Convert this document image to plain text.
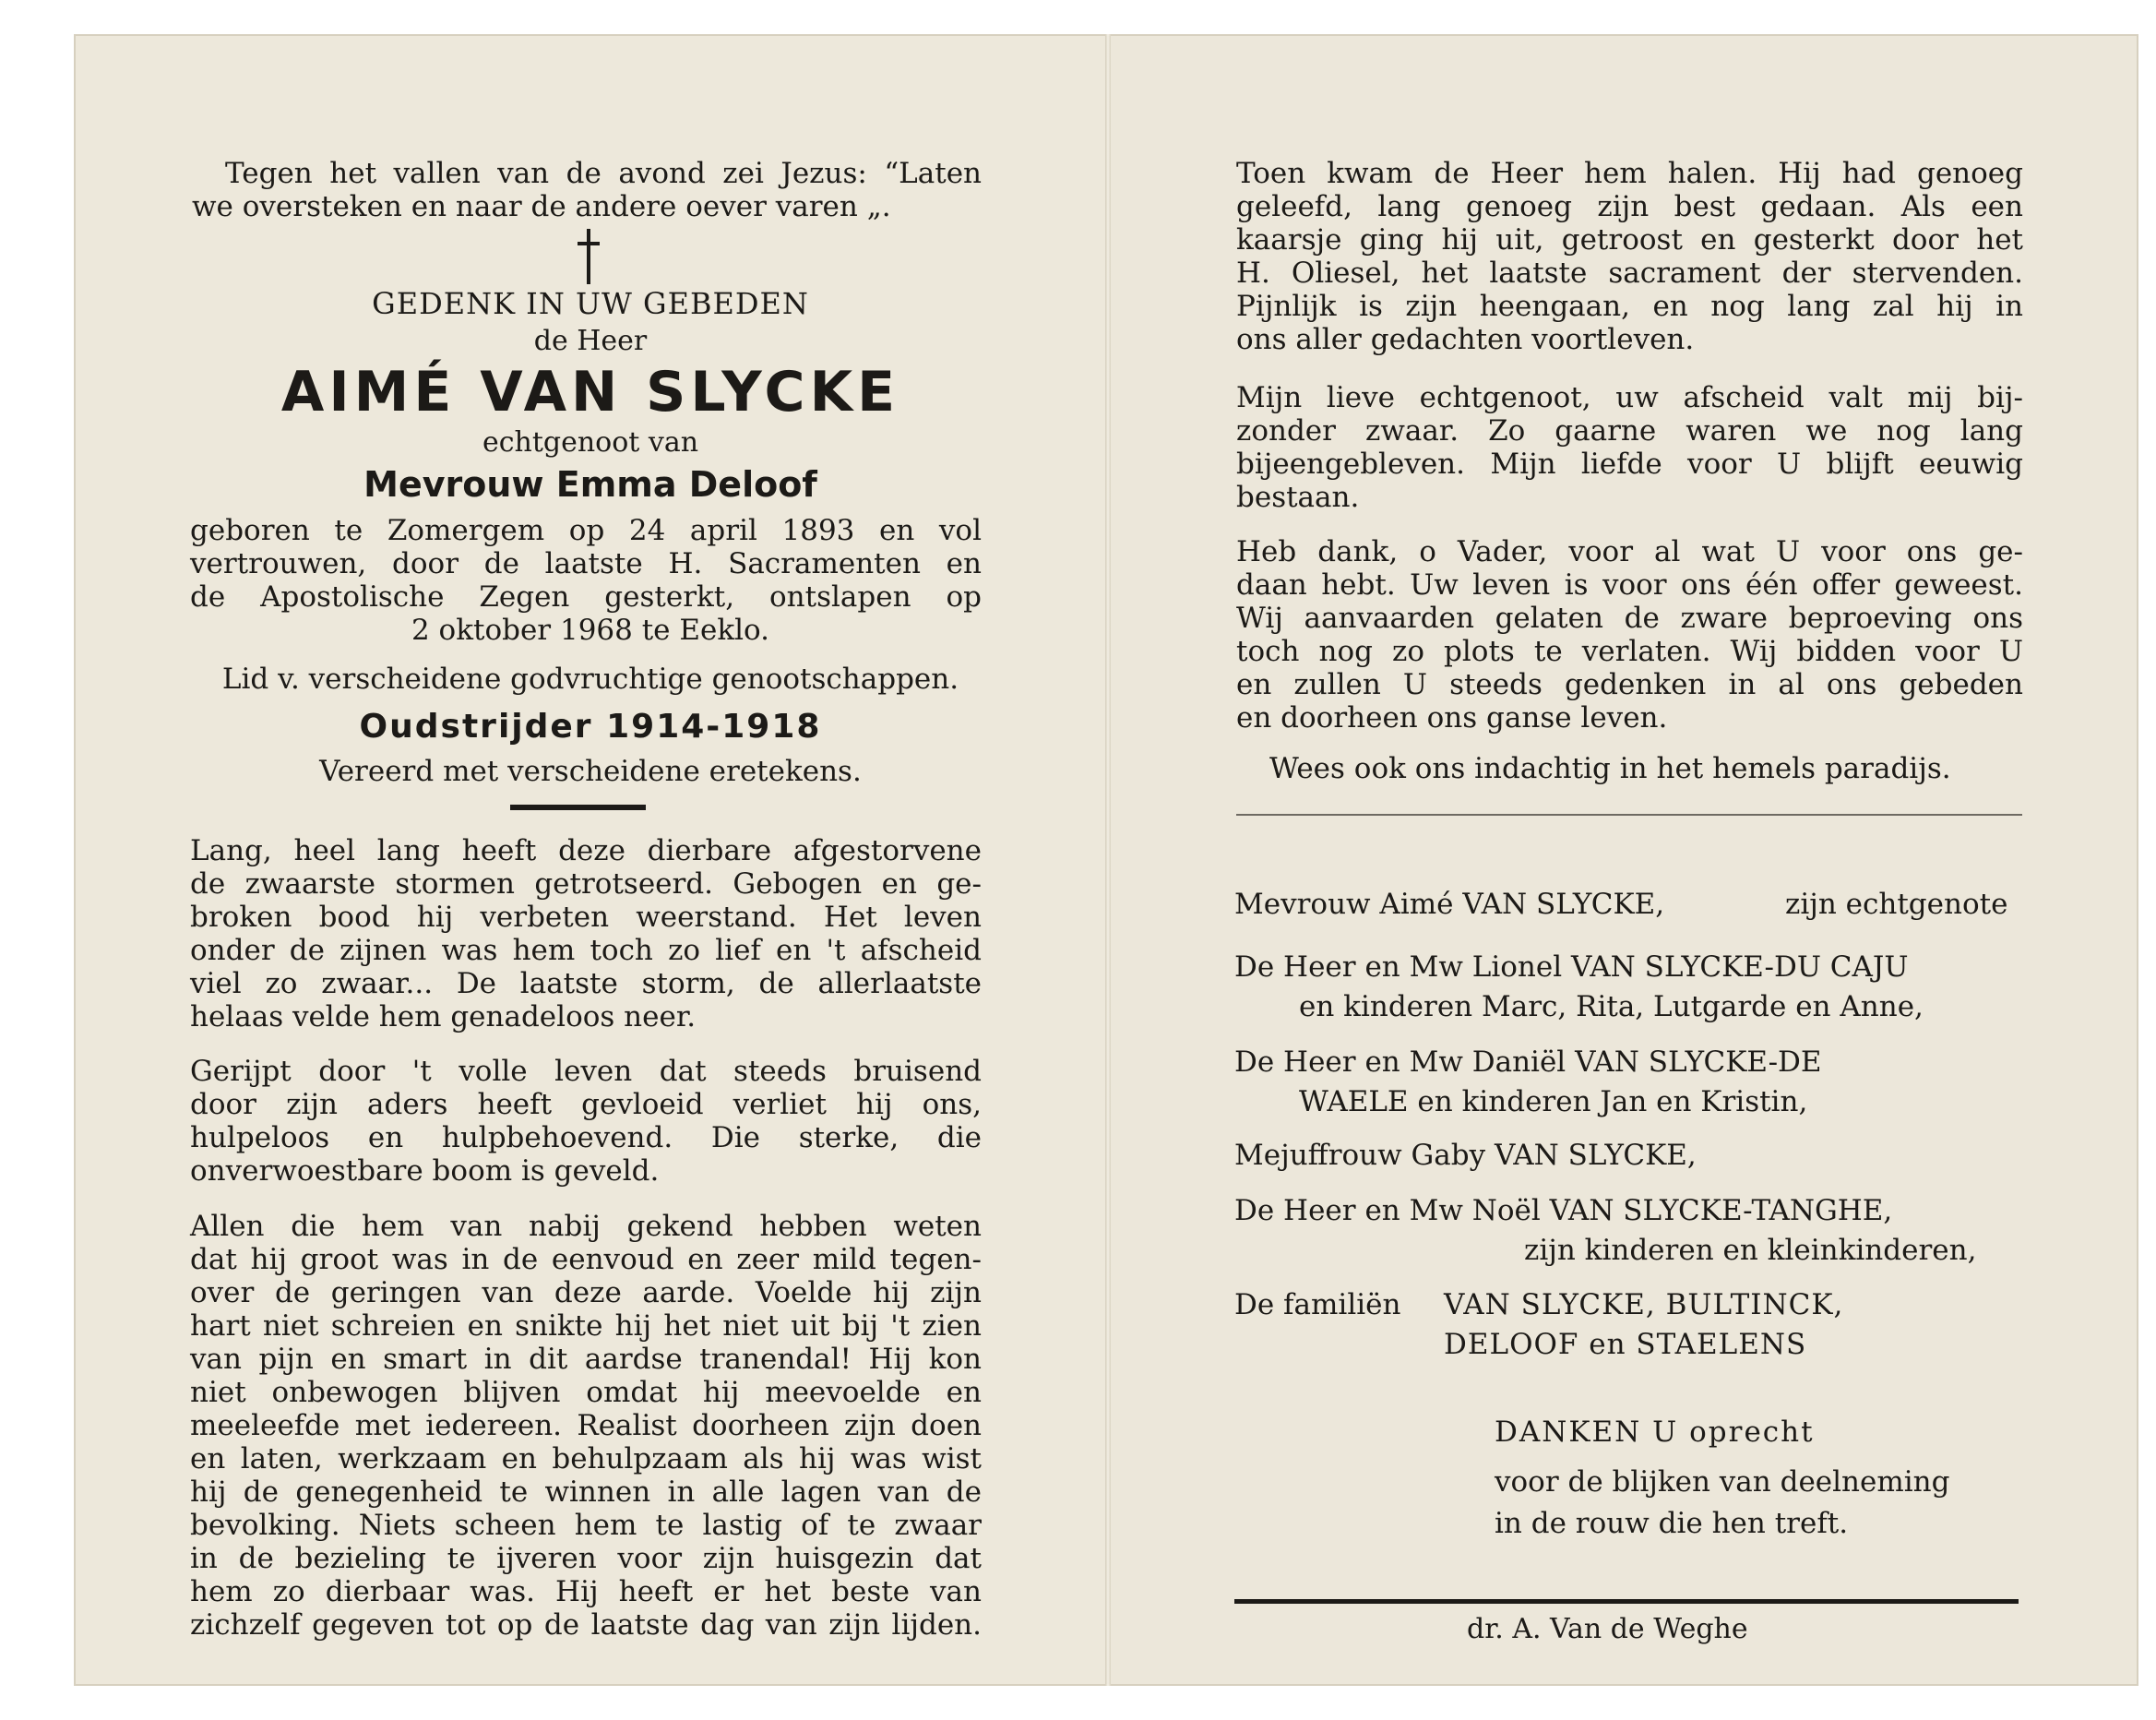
Tegen het vallen van de avond zei Jezus: “Laten
we oversteken en naar de andere oever varen „.
GEDENK IN UW GEBEDEN
de Heer
AIMÉ VAN SLYCKE
echtgenoot van
Mevrouw Emma Deloof
geboren te Zomergem op 24 april 1893 en vol
vertrouwen, door de laatste H. Sacramenten en
de Apostolische Zegen gesterkt, ontslapen op
2 oktober 1968 te Eeklo.
Lid v. verscheidene godvruchtige genootschappen.
Oudstrijder 1914-1918
Vereerd met verscheidene eretekens.
Lang, heel lang heeft deze dierbare afgestorvene
de zwaarste stormen getrotseerd. Gebogen en ge-
broken bood hij verbeten weerstand. Het leven
onder de zijnen was hem toch zo lief en 't afscheid
viel zo zwaar... De laatste storm, de allerlaatste
helaas velde hem genadeloos neer.
Gerijpt door 't volle leven dat steeds bruisend
door zijn aders heeft gevloeid verliet hij ons,
hulpeloos en hulpbehoevend. Die sterke, die
onverwoestbare boom is geveld.
Allen die hem van nabij gekend hebben weten
dat hij groot was in de eenvoud en zeer mild tegen-
over de geringen van deze aarde. Voelde hij zijn
hart niet schreien en snikte hij het niet uit bij 't zien
van pijn en smart in dit aardse tranendal! Hij kon
niet onbewogen blijven omdat hij meevoelde en
meeleefde met iedereen. Realist doorheen zijn doen
en laten, werkzaam en behulpzaam als hij was wist
hij de genegenheid te winnen in alle lagen van de
bevolking. Niets scheen hem te lastig of te zwaar
in de bezieling te ijveren voor zijn huisgezin dat
hem zo dierbaar was. Hij heeft er het beste van
zichzelf gegeven tot op de laatste dag van zijn lijden.
Toen kwam de Heer hem halen. Hij had genoeg
geleefd, lang genoeg zijn best gedaan. Als een
kaarsje ging hij uit, getroost en gesterkt door het
H. Oliesel, het laatste sacrament der stervenden.
Pijnlijk is zijn heengaan, en nog lang zal hij in
ons aller gedachten voortleven.
Mijn lieve echtgenoot, uw afscheid valt mij bij-
zonder zwaar. Zo gaarne waren we nog lang
bijeengebleven. Mijn liefde voor U blijft eeuwig
bestaan.
Heb dank, o Vader, voor al wat U voor ons ge-
daan hebt. Uw leven is voor ons één offer geweest.
Wij aanvaarden gelaten de zware beproeving ons
toch nog zo plots te verlaten. Wij bidden voor U
en zullen U steeds gedenken in al ons gebeden
en doorheen ons ganse leven.
Wees ook ons indachtig in het hemels paradijs.
Mevrouw Aimé VAN SLYCKE,	zijn echtgenote
De Heer en Mw Lionel VAN SLYCKE-DU CAJU
en kinderen Marc, Rita, Lutgarde en Anne,
De Heer en Mw Daniël VAN SLYCKE-DE
WAELE en kinderen Jan en Kristin,
Mejuffrouw Gaby VAN SLYCKE,
De Heer en Mw Noël VAN SLYCKE-TANGHE,
zijn kinderen en kleinkinderen,
De familiën VAN SLYCKE, BULTINCK,
DELOOF en STAELENS
DANKEN U oprecht
voor de blijken van deelneming
in de rouw die hen treft.
dr. A. Van de Weghe
